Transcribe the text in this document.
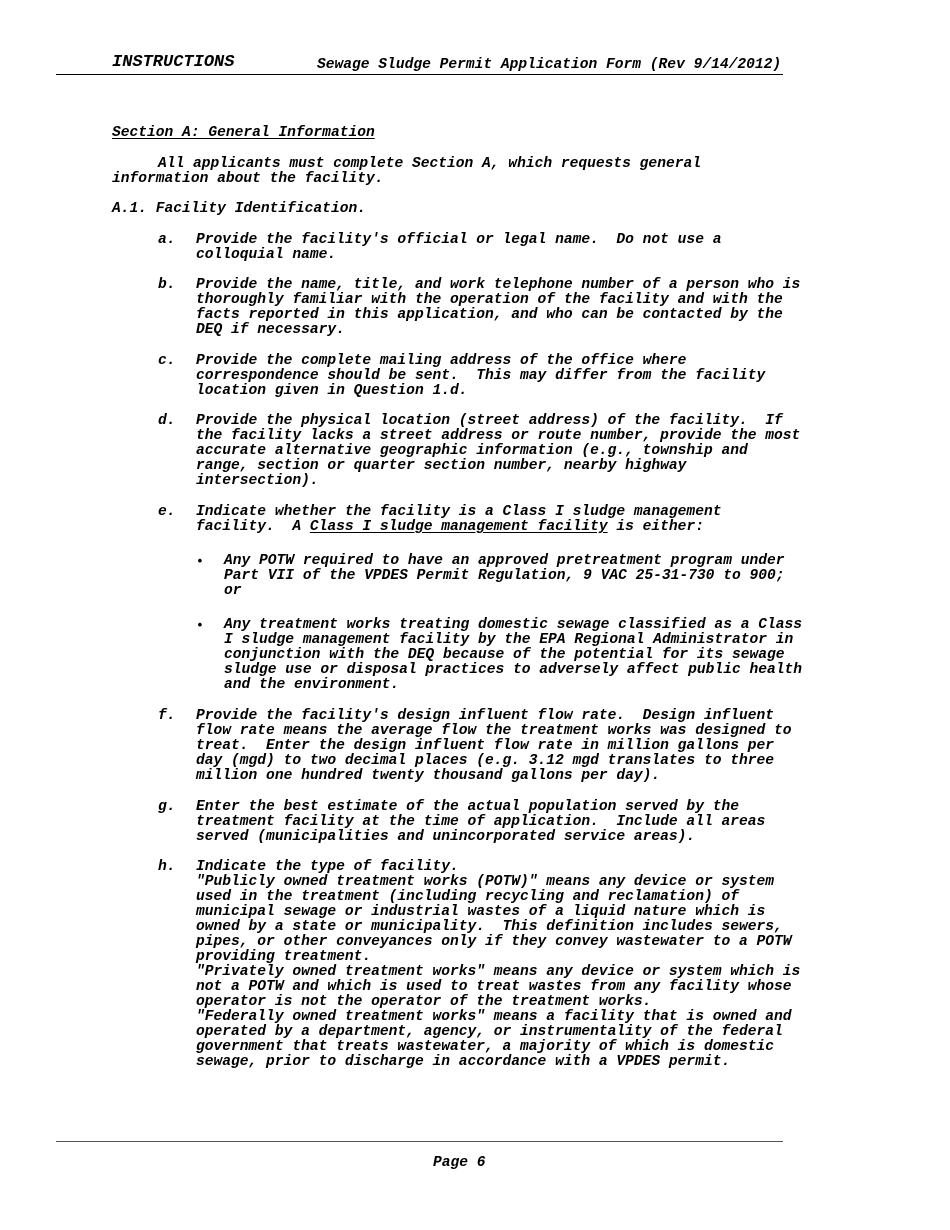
INSTRUCTIONS	Sewage Sludge Permit Application Form (Rev 9/14/2012)
Section A: General Information
All applicants must complete Section A, which requests general
information about the facility.
A.1. Facility Identification.
a. Provide the facility's official or legal name.  Do not use a
colloquial name.
b. Provide the name, title, and work telephone number of a person who is
thoroughly familiar with the operation of the facility and with the
facts reported in this application, and who can be contacted by the
DEQ if necessary.
c. Provide the complete mailing address of the office where
correspondence should be sent.  This may differ from the facility
location given in Question 1.d.
d. Provide the physical location (street address) of the facility.  If
the facility lacks a street address or route number, provide the most
accurate alternative geographic information (e.g., township and
range, section or quarter section number, nearby highway
intersection).
e. Indicate whether the facility is a Class I sludge management
facility.  A Class I sludge management facility is either:
• Any POTW required to have an approved pretreatment program under
Part VII of the VPDES Permit Regulation, 9 VAC 25-31-730 to 900;
or
• Any treatment works treating domestic sewage classified as a Class
I sludge management facility by the EPA Regional Administrator in
conjunction with the DEQ because of the potential for its sewage
sludge use or disposal practices to adversely affect public health
and the environment.
f. Provide the facility's design influent flow rate.  Design influent
flow rate means the average flow the treatment works was designed to
treat.  Enter the design influent flow rate in million gallons per
day (mgd) to two decimal places (e.g. 3.12 mgd translates to three
million one hundred twenty thousand gallons per day).
g. Enter the best estimate of the actual population served by the
treatment facility at the time of application.  Include all areas
served (municipalities and unincorporated service areas).
h. Indicate the type of facility.
"Publicly owned treatment works (POTW)" means any device or system
used in the treatment (including recycling and reclamation) of
municipal sewage or industrial wastes of a liquid nature which is
owned by a state or municipality.  This definition includes sewers,
pipes, or other conveyances only if they convey wastewater to a POTW
providing treatment.
"Privately owned treatment works" means any device or system which is
not a POTW and which is used to treat wastes from any facility whose
operator is not the operator of the treatment works.
"Federally owned treatment works" means a facility that is owned and
operated by a department, agency, or instrumentality of the federal
government that treats wastewater, a majority of which is domestic
sewage, prior to discharge in accordance with a VPDES permit.
Page 6
